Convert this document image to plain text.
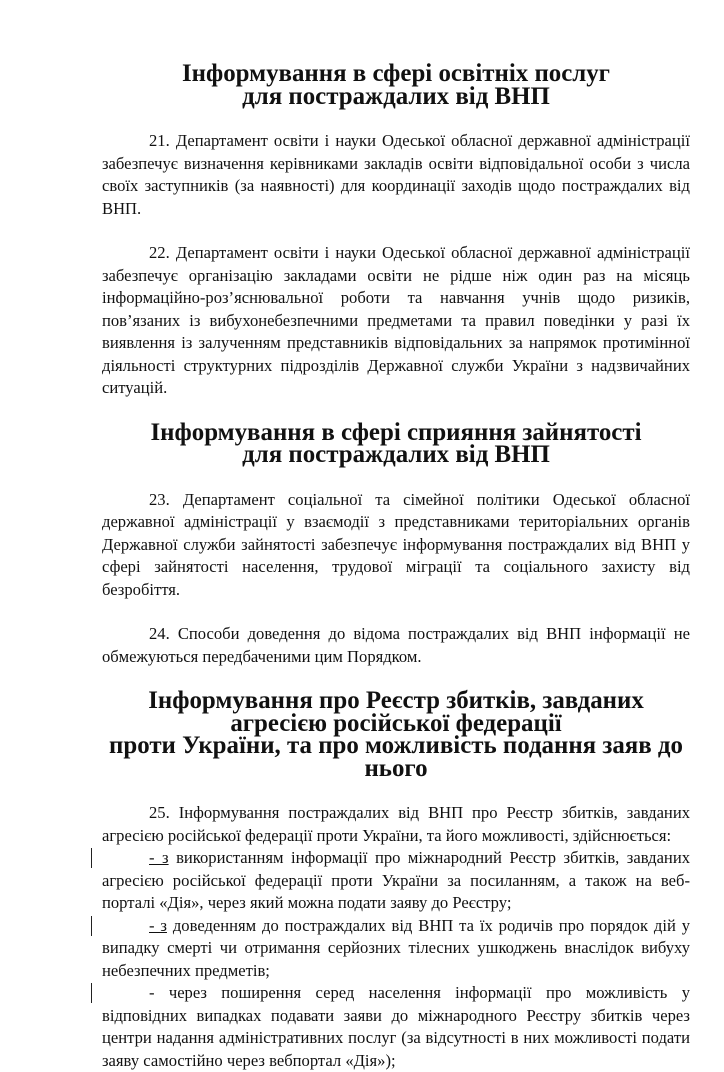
Інформування в сфері освітніх послуг
для постраждалих від ВНП

21. Департамент освіти і науки Одеської обласної державної адміністрації забезпечує визначення керівниками закладів освіти відповідальної особи з числа своїх заступників (за наявності) для координації заходів щодо постраждалих від ВНП.

22. Департамент освіти і науки Одеської обласної державної адміністрації забезпечує організацію закладами освіти не рідше ніж один раз на місяць інформаційно-роз’яснювальної роботи та навчання учнів щодо ризиків, пов’язаних із вибухонебезпечними предметами та правил поведінки у разі їх виявлення із залученням представників відповідальних за напрямок протимінної діяльності структурних підрозділів Державної служби України з надзвичайних ситуацій.

Інформування в сфері сприяння зайнятості
для постраждалих від ВНП

23. Департамент соціальної та сімейної політики Одеської обласної державної адміністрації у взаємодії з представниками територіальних органів Державної служби зайнятості забезпечує інформування постраждалих від ВНП у сфері зайнятості населення, трудової міграції та соціального захисту від безробіття.

24. Способи доведення до відома постраждалих від ВНП інформації не обмежуються передбаченими цим Порядком.

Інформування про Реєстр збитків, завданих агресією російської федерації
проти України, та про можливість подання заяв до нього

25. Інформування постраждалих від ВНП про Реєстр збитків, завданих агресією російської федерації проти України, та його можливості, здійснюється:

- з використанням інформації про міжнародний Реєстр збитків, завданих агресією російської федерації проти України за посиланням, а також на веб-порталі «Дія», через який можна подати заяву до Реєстру;

- з доведенням до постраждалих від ВНП та їх родичів про порядок дій у випадку смерті чи отримання серйозних тілесних ушкоджень внаслідок вибуху небезпечних предметів;

- через поширення серед населення інформації про можливість у відповідних випадках подавати заяви до міжнародного Реєстру збитків через центри надання адміністративних послуг (за відсутності в них можливості подати заяву самостійно через вебпортал «Дія»);
